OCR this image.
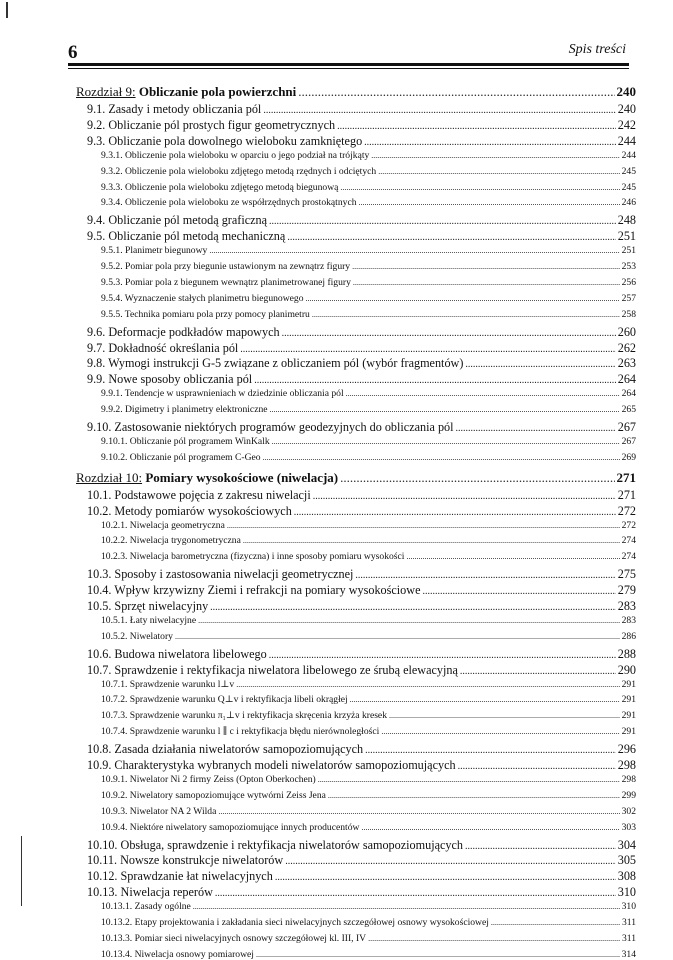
6	Spis treści
Rozdział 9: Obliczanie pola powierzchni .....	240
9.1. Zasady i metody obliczania pól .....	240
9.2. Obliczanie pól prostych figur geometrycznych .....	242
9.3. Obliczanie pola dowolnego wieloboku zamkniętego .....	244
9.3.1. Obliczenie pola wieloboku w oparciu o jego podział na trójkąty .....	244
9.3.2. Obliczenie pola wieloboku zdjętego metodą rzędnych i odciętych .....	245
9.3.3. Obliczenie pola wieloboku zdjętego metodą biegunową .....	245
9.3.4. Obliczenie pola wieloboku ze współrzędnych prostokątnych .....	246
9.4. Obliczanie pól metodą graficzną .....	248
9.5. Obliczanie pól metodą mechaniczną .....	251
9.5.1. Planimetr biegunowy .....	251
9.5.2. Pomiar pola przy biegunie ustawionym na zewnątrz figury .....	253
9.5.3. Pomiar pola z biegunem wewnątrz planimetrowanej figury .....	256
9.5.4. Wyznaczenie stałych planimetru biegunowego .....	257
9.5.5. Technika pomiaru pola przy pomocy planimetru .....	258
9.6. Deformacje podkładów mapowych .....	260
9.7. Dokładność określania pól .....	262
9.8. Wymogi instrukcji G-5 związane z obliczaniem pól (wybór fragmentów) .....	263
9.9. Nowe sposoby obliczania pól .....	264
9.9.1. Tendencje w usprawnieniach w dziedzinie obliczania pól .....	264
9.9.2. Digimetry i planimetry elektroniczne .....	265
9.10. Zastosowanie niektórych programów geodezyjnych do obliczania pól .....	267
9.10.1. Obliczanie pól programem WinKalk .....	267
9.10.2. Obliczanie pól programem C-Geo .....	269
Rozdział 10: Pomiary wysokościowe (niwelacja) .....	271
10.1. Podstawowe pojęcia z zakresu niwelacji .....	271
10.2. Metody pomiarów wysokościowych .....	272
10.2.1. Niwelacja geometryczna .....	272
10.2.2. Niwelacja trygonometryczna .....	274
10.2.3. Niwelacja barometryczna (fizyczna) i inne sposoby pomiaru wysokości .....	274
10.3. Sposoby i zastosowania niwelacji geometrycznej .....	275
10.4. Wpływ krzywizny Ziemi i refrakcji na pomiary wysokościowe .....	279
10.5. Sprzęt niwelacyjny .....	283
10.5.1. Łaty niwelacyjne .....	283
10.5.2. Niwelatory .....	286
10.6. Budowa niwelatora libelowego .....	288
10.7. Sprawdzenie i rektyfikacja niwelatora libelowego ze śrubą elewacyjną .....	290
10.7.1. Sprawdzenie warunku l⊥v .....	291
10.7.2. Sprawdzenie warunku Q⊥v i rektyfikacja libeli okrągłej .....	291
10.7.3. Sprawdzenie warunku π₁⊥v i rektyfikacja skręcenia krzyża kresek .....	291
10.7.4. Sprawdzenie warunku l ∥ c i rektyfikacja błędu nierównoległości .....	291
10.8. Zasada działania niwelatorów samopoziomujących .....	296
10.9. Charakterystyka wybranych modeli niwelatorów samopoziomujących .....	298
10.9.1. Niwelator Ni 2 firmy Zeiss (Opton Oberkochen) .....	298
10.9.2. Niwelatory samopoziomujące wytwórni Zeiss Jena .....	299
10.9.3. Niwelator NA 2 Wilda .....	302
10.9.4. Niektóre niwelatory samopoziomujące innych producentów .....	303
10.10. Obsługa, sprawdzenie i rektyfikacja niwelatorów samopoziomujących .....	304
10.11. Nowsze konstrukcje niwelatorów .....	305
10.12. Sprawdzanie łat niwelacyjnych .....	308
10.13. Niwelacja reperów .....	310
10.13.1. Zasady ogólne .....	310
10.13.2. Etapy projektowania i zakładania sieci niwelacyjnych szczegółowej osnowy wysokościowej .....	311
10.13.3. Pomiar sieci niwelacyjnych osnowy szczegółowej kl. III, IV .....	311
10.13.4. Niwelacja osnowy pomiarowej .....	314
